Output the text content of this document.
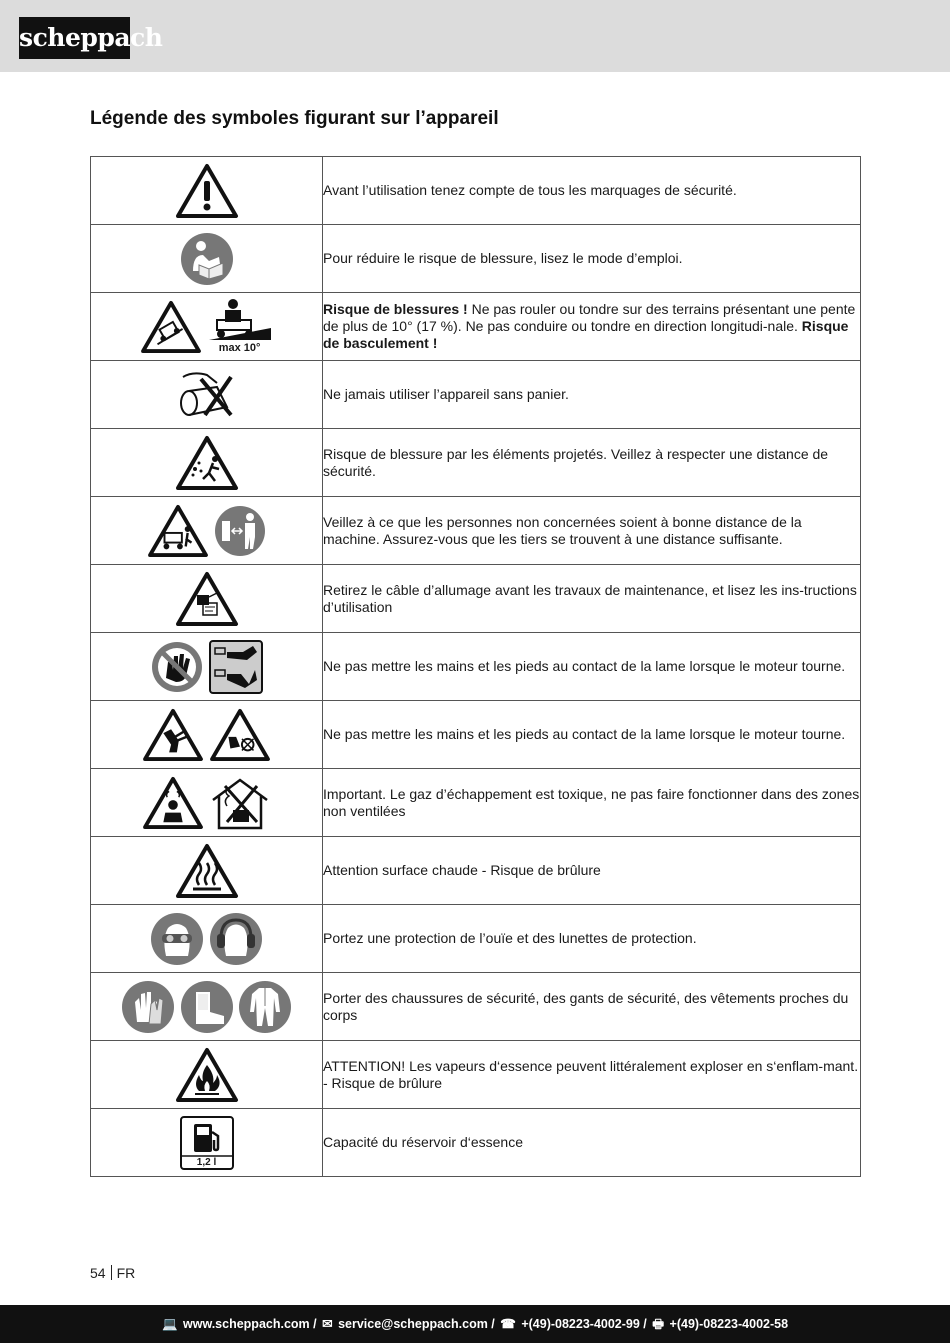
scheppach
Légende des symboles figurant sur l’appareil
	Avant l’utilisation tenez compte de tous les marquages de sécurité.
	Pour réduire le risque de blessure, lisez le mode d’emploi.

max 10°	Risque de blessures ! Ne pas rouler ou tondre sur des terrains présentant une pente de plus de 10° (17 %). Ne pas conduire ou tondre en direction longitudi-nale. Risque de basculement !
	Ne jamais utiliser l’appareil sans panier.
	Risque de blessure par les éléments projetés. Veillez à respecter une distance de sécurité.
	Veillez à ce que les personnes non concernées soient à bonne distance de la machine. Assurez-vous que les tiers se trouvent à une distance suffisante.
	Retirez le câble d’allumage avant les travaux de maintenance, et lisez les ins-tructions d’utilisation
	Ne pas mettre les mains et les pieds au contact de la lame lorsque le moteur tourne.
	Ne pas mettre les mains et les pieds au contact de la lame lorsque le moteur tourne.
	Important. Le gaz d’échappement est toxique, ne pas faire fonctionner dans des zones non ventilées
	Attention surface chaude - Risque de brûlure
	Portez une protection de l’ouïe et des lunettes de protection.
	Porter des chaussures de sécurité, des gants de sécurité, des vêtements proches du corps
	ATTENTION! Les vapeurs d‘essence peuvent littéralement exploser en s‘enflam-mant. - Risque de brûlure

1,2 l	Capacité du réservoir d‘essence
54 FR
💻 www.scheppach.com / ✉ service@scheppach.com / ☎ +(49)-08223-4002-99 / 🖶 +(49)-08223-4002-58
